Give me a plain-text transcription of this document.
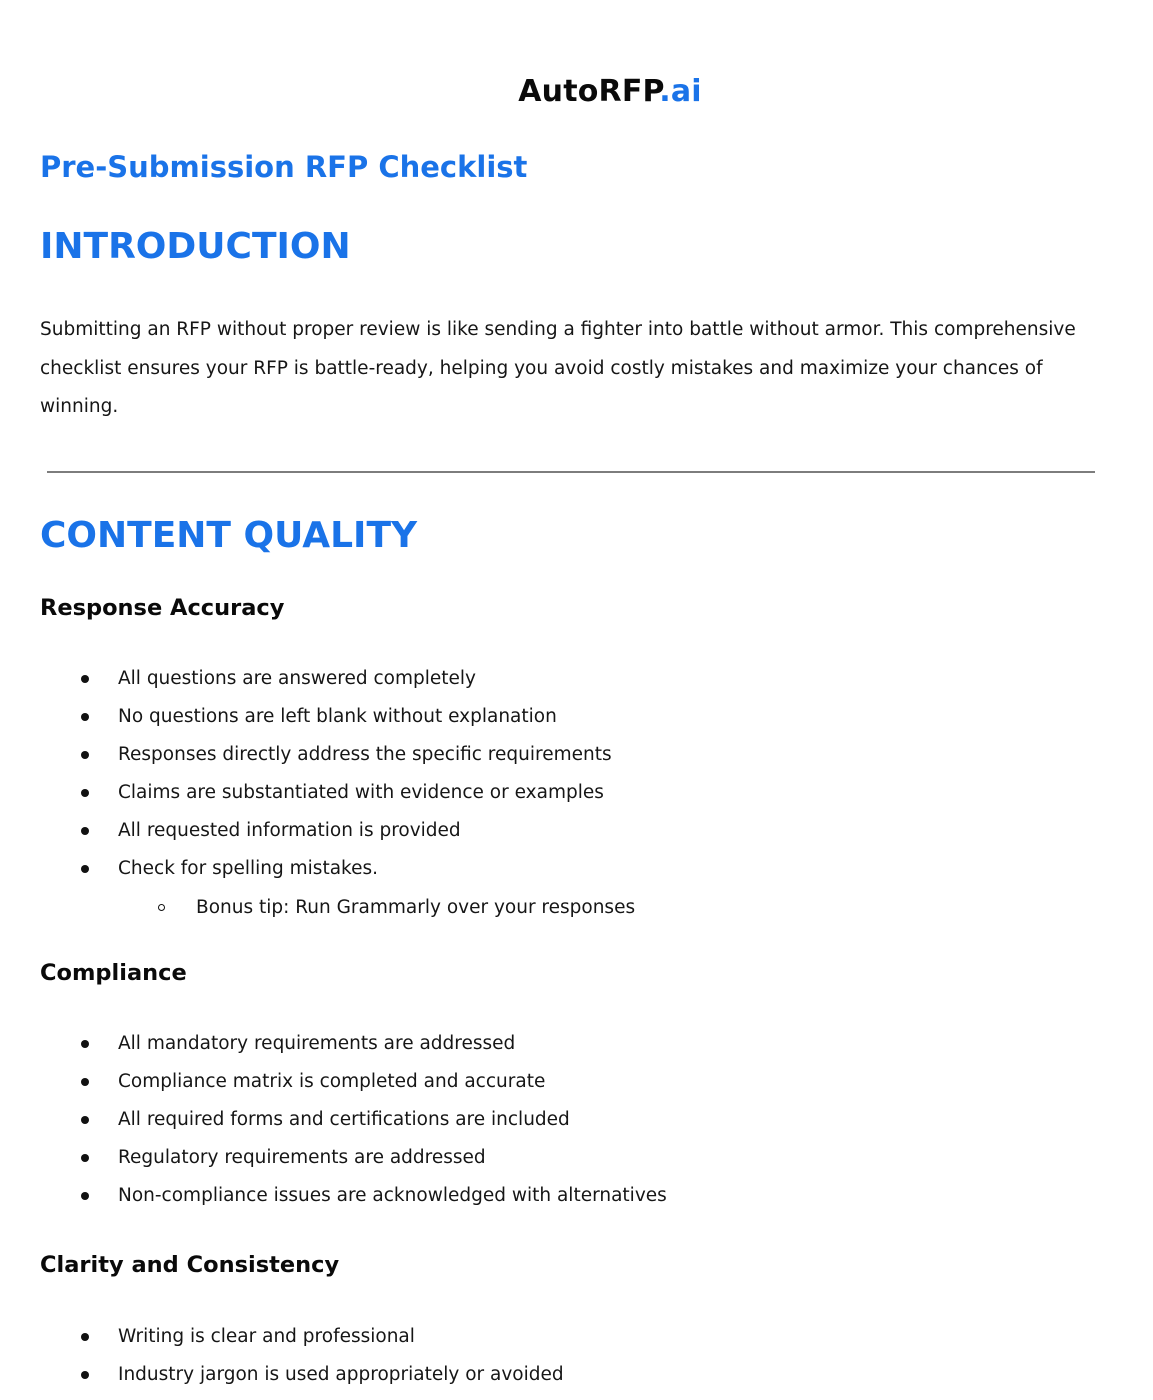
AutoRFP.ai
Pre-Submission RFP Checklist
INTRODUCTION

Submitting an RFP without proper review is like sending a fighter into battle without armor. This comprehensive checklist ensures your RFP is battle-ready, helping you avoid costly mistakes and maximize your chances of winning.

CONTENT QUALITY
Response Accuracy
All questions are answered completely
No questions are left blank without explanation
Responses directly address the specific requirements
Claims are substantiated with evidence or examples
All requested information is provided
Check for spelling mistakes.
Bonus tip: Run Grammarly over your responses
Compliance
All mandatory requirements are addressed
Compliance matrix is completed and accurate
All required forms and certifications are included
Regulatory requirements are addressed
Non-compliance issues are acknowledged with alternatives
Clarity and Consistency
Writing is clear and professional
Industry jargon is used appropriately or avoided
